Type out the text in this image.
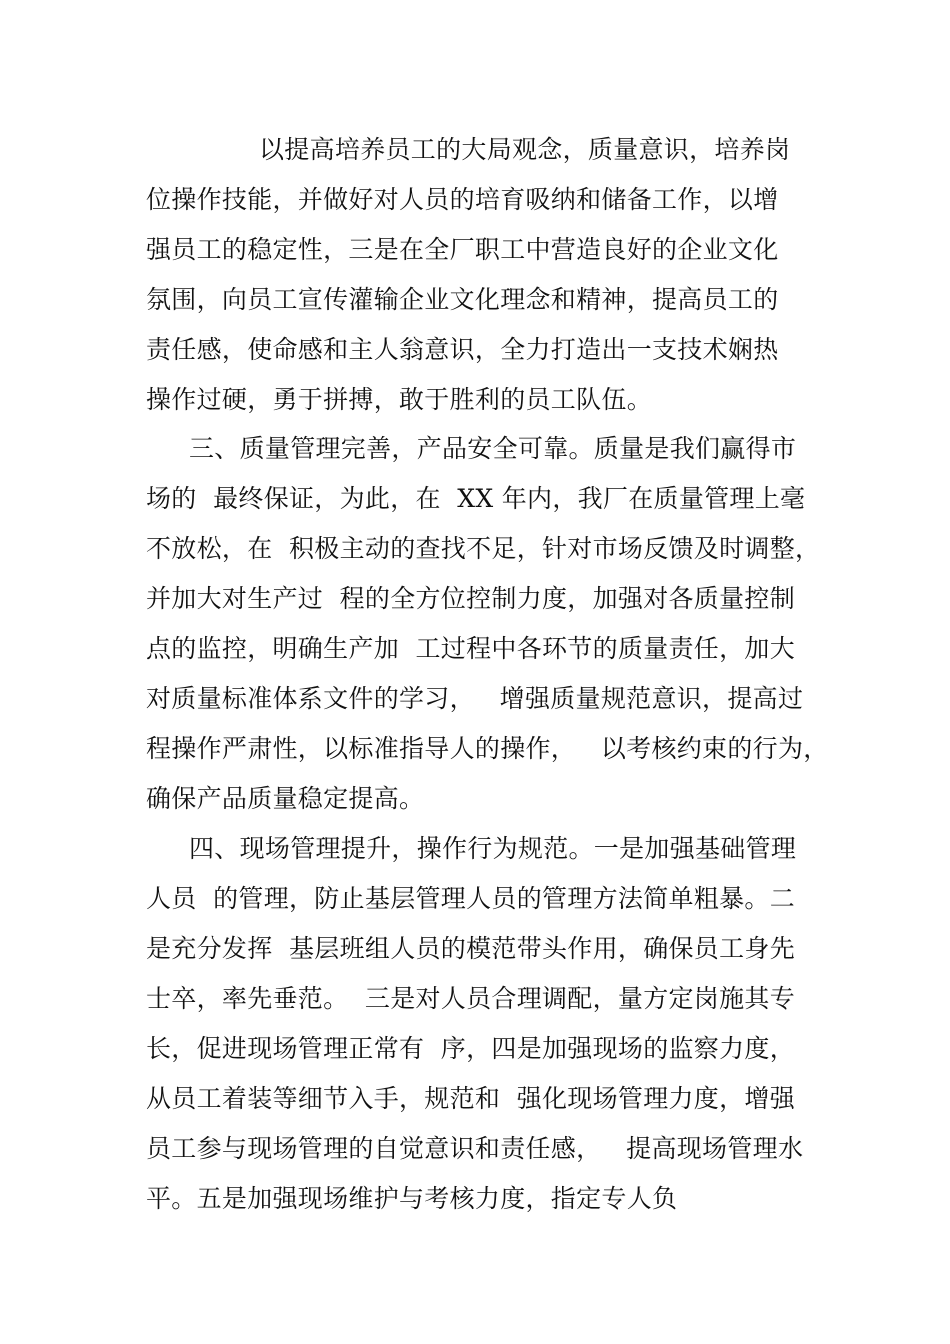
以提高培养员工的大局观念，质量意识，培养岗

位操作技能，并做好对人员的培育吸纳和储备工作，以增

强员工的稳定性，三是在全厂职工中营造良好的企业文化

氛围，向员工宣传灌输企业文化理念和精神，提高员工的

责任感，使命感和主人翁意识，全力打造出一支技术娴热

操作过硬，勇于拼搏，敢于胜利的员工队伍。

三、质量管理完善，产品安全可靠。质量是我们赢得市

场的  最终保证，为此，在  XX 年内，我厂在质量管理上毫

不放松，在  积极主动的查找不足，针对市场反馈及时调整，

并加大对生产过  程的全方位控制力度，加强对各质量控制

点的监控，明确生产加  工过程中各环节的质量责任，加大

对质量标准体系文件的学习，   增强质量规范意识，提高过

程操作严肃性，以标准指导人的操作，   以考核约束的行为，

确保产品质量稳定提高。

四、现场管理提升，操作行为规范。一是加强基础管理

人员  的管理，防止基层管理人员的管理方法简单粗暴。二

是充分发挥  基层班组人员的模范带头作用，确保员工身先

士卒，率先垂范。  三是对人员合理调配，量方定岗施其专

长，促进现场管理正常有  序，四是加强现场的监察力度，

从员工着装等细节入手，规范和  强化现场管理力度，增强

员工参与现场管理的自觉意识和责任感，   提高现场管理水

平。五是加强现场维护与考核力度，指定专人负
